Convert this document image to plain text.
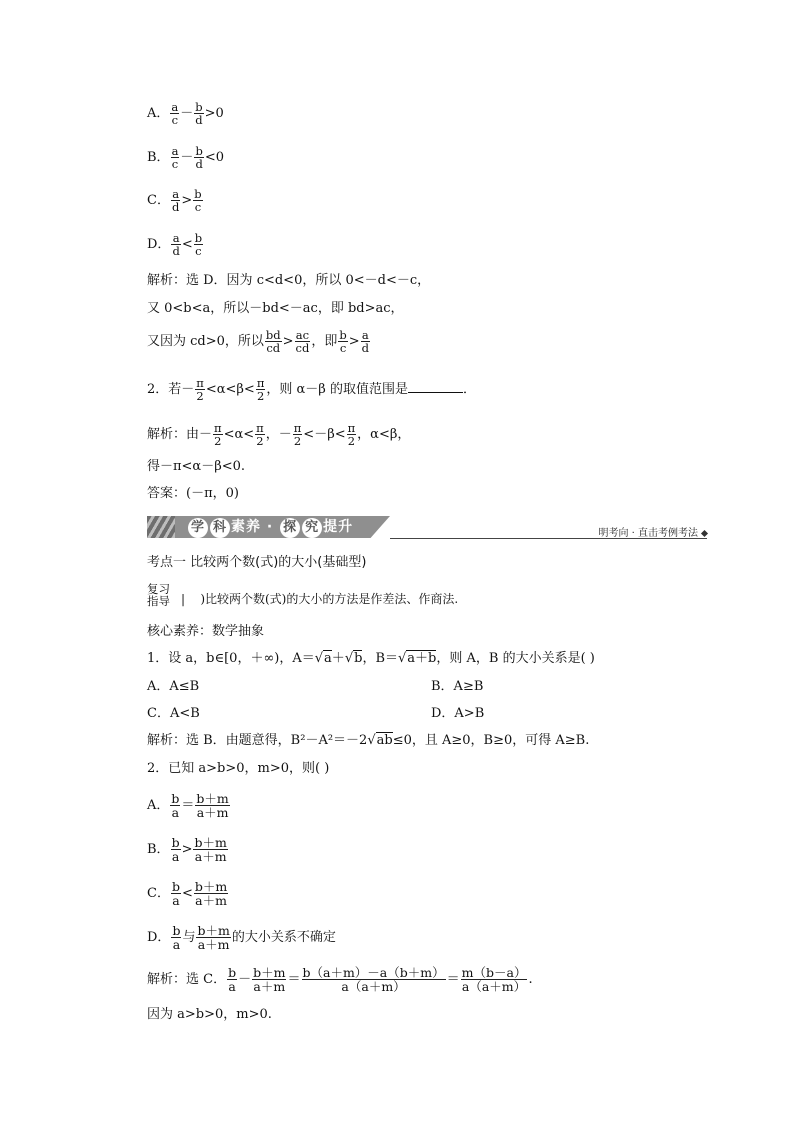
A． $\frac{a}{c} - \frac{b}{d} >0$
B． $\frac{a}{c} - \frac{b}{d} <0$
C． $\frac{a}{d} > \frac{b}{c}$
D． $\frac{a}{d} < \frac{b}{c}$
解析：选 D．因为 c<d<0，所以 0<－d<－c，
又 0<b<a，所以－bd<－ac，即 bd>ac，
又因为 cd>0，所以 $\frac{bd}{cd} > \frac{ac}{cd}$ ，即 $\frac{b}{c} > \frac{a}{d}$
2．若－ $\frac{\pi}{2} <\alpha<\beta< \frac{\pi}{2}$ ，则 α－β 的取值范围是	．
解析：由－ $\frac{\pi}{2} <\alpha< \frac{\pi}{2}$ ，－ $\frac{\pi}{2} <-\beta< \frac{\pi}{2}$ ，α<β，
得－π<α－β<0.
答案：(－π，0)
学 科 素养 · 探 究 提升	明考向 · 直击考例考法
考点一 比较两个数(式)的大小(基础型)
复习
指导 |    )比较两个数(式)的大小的方法是作差法、作商法.
核心素养：数学抽象
1．设 a，b∈[0，＋∞)，A＝√a＋√b，B＝√a＋b，则 A，B 的大小关系是( )
A．A≤B	B．A≥B
C．A<B	D．A>B
解析：选 B．由题意得，B²－A²＝－2√ab≤0，且 A≥0，B≥0，可得 A≥B.
2．已知 a>b>0，m>0，则( )
A． $\frac{b}{a} = \frac{b+m}{a+m}$
B． $\frac{b}{a} > \frac{b+m}{a+m}$
C． $\frac{b}{a} < \frac{b+m}{a+m}$
D． $\frac{b}{a}$ 与 $\frac{b+m}{a+m}$ 的大小关系不确定
解析：选 C． $\frac{b}{a} - \frac{b+m}{a+m} = \frac{b(a+m)-a(b+m)}{a(a+m)} = \frac{m(b-a)}{a(a+m)}$ .
因为 a>b>0，m>0.
